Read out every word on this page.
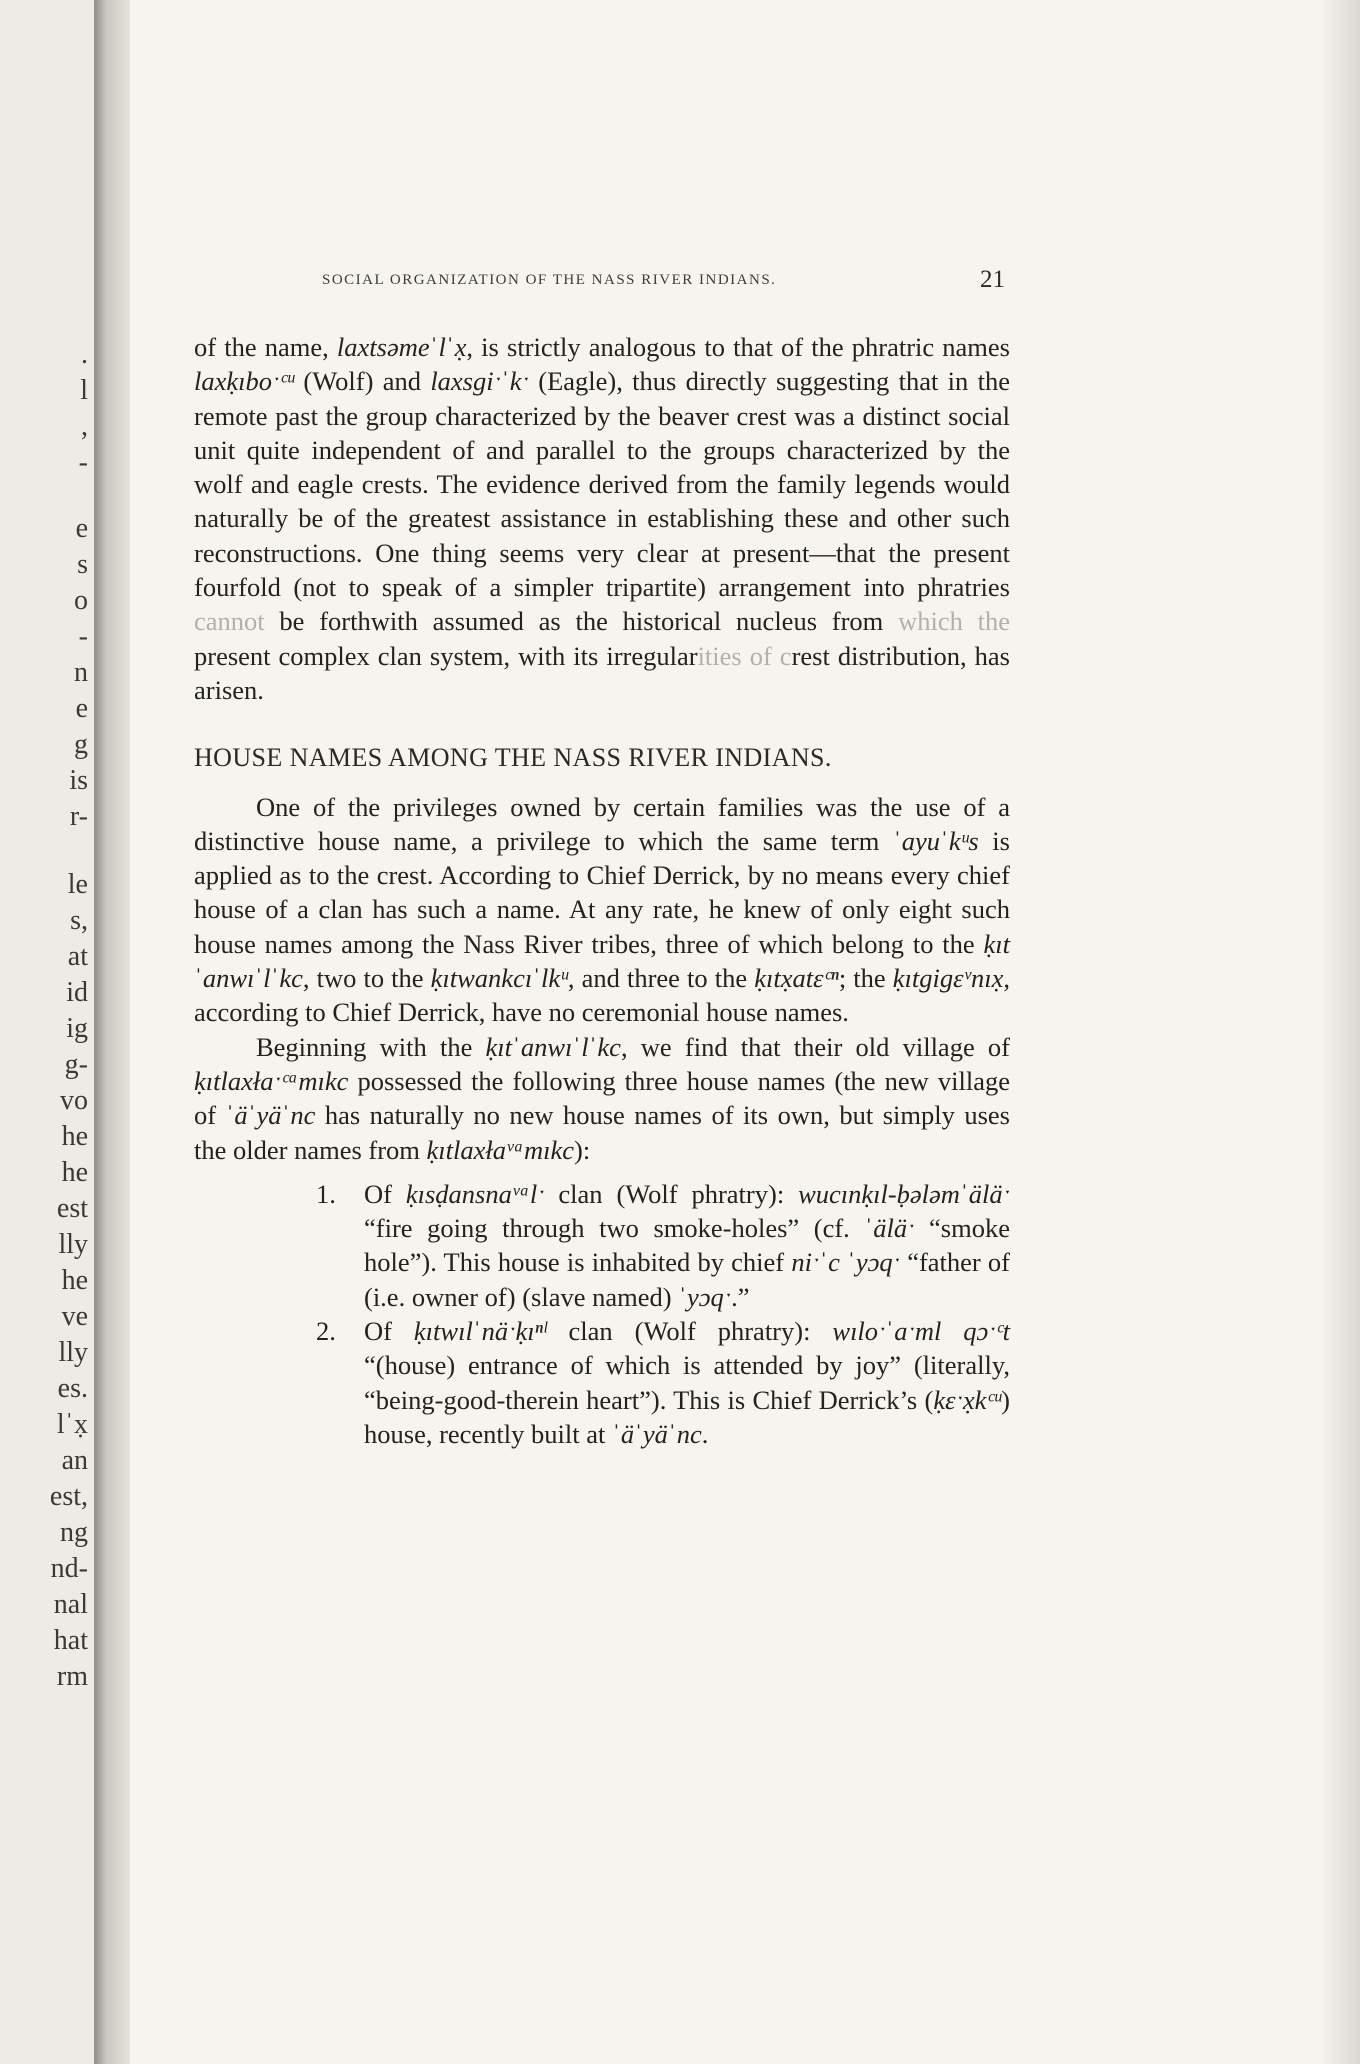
.
l
,
-
e
s
o
-
n
e
g
is
r-
le
s,
at
id
ig
g-
vo
he
he
est
lly
he
ve
lly
es.
lˈx̣
an
est,
ng
nd-
nal
hat
rm
SOCIAL ORGANIZATION OF THE NASS RIVER INDIANS.	21

of the name, laxtsəmeˈlˈx̣, is strictly analogous to that of the phratric names laxḳıboˑᶜᵘ (Wolf) and laxsgiˑˈkˑ (Eagle), thus directly suggesting that in the remote past the group characterized by the beaver crest was a distinct social unit quite independent of and parallel to the groups characterized by the wolf and eagle crests. The evidence derived from the family legends would naturally be of the greatest assistance in establishing these and other such reconstructions. One thing seems very clear at present—that the present fourfold (not to speak of a simpler tripartite) arrangement into phratries cannot be forthwith assumed as the historical nucleus from which the present complex clan system, with its irregularities of crest distribution, has arisen.

HOUSE NAMES AMONG THE NASS RIVER INDIANS.

One of the privileges owned by certain families was the use of a distinctive house name, a privilege to which the same term ˈayuˈkᵘs is applied as to the crest. According to Chief Derrick, by no means every chief house of a clan has such a name. At any rate, he knew of only eight such house names among the Nass River tribes, three of which belong to the ḳıtˈanwıˈlˈkc, two to the ḳıtwankcıˈlkᵘ, and three to the ḳıtx̣atɛᶜⁿ; the ḳıtgigɛᵛnıx̣, according to Chief Derrick, have no ceremonial house names.

Beginning with the ḳıtˈanwıˈlˈkc, we find that their old village of ḳıtlaxłaˑᶜᵃmıkc possessed the following three house names (the new village of ˈäˈyäˈnc has naturally no new house names of its own, but simply uses the older names from ḳıtlaxłaᵛᵃmıkc):

1. Of ḳısḍansnaᵛᵃlˑ clan (Wolf phratry): wucınḳıl-ḅələmˈäläˑ “fire going through two smoke-holes” (cf. ˈäläˑ “smoke hole”). This house is inhabited by chief niˑˈc ˈyɔqˑ “father of (i.e. owner of) (slave named) ˈyɔqˑ.”

2. Of ḳıtwılˈnäˑḳıⁿˡ clan (Wolf phratry): wıloˑˈaˑml qɔˑᶜt “(house) entrance of which is attended by joy” (literally, “being-good-therein heart”). This is Chief Derrick’s (ḳɛˑx̣kᶜᵘ) house, recently built at ˈäˈyäˈnc.
